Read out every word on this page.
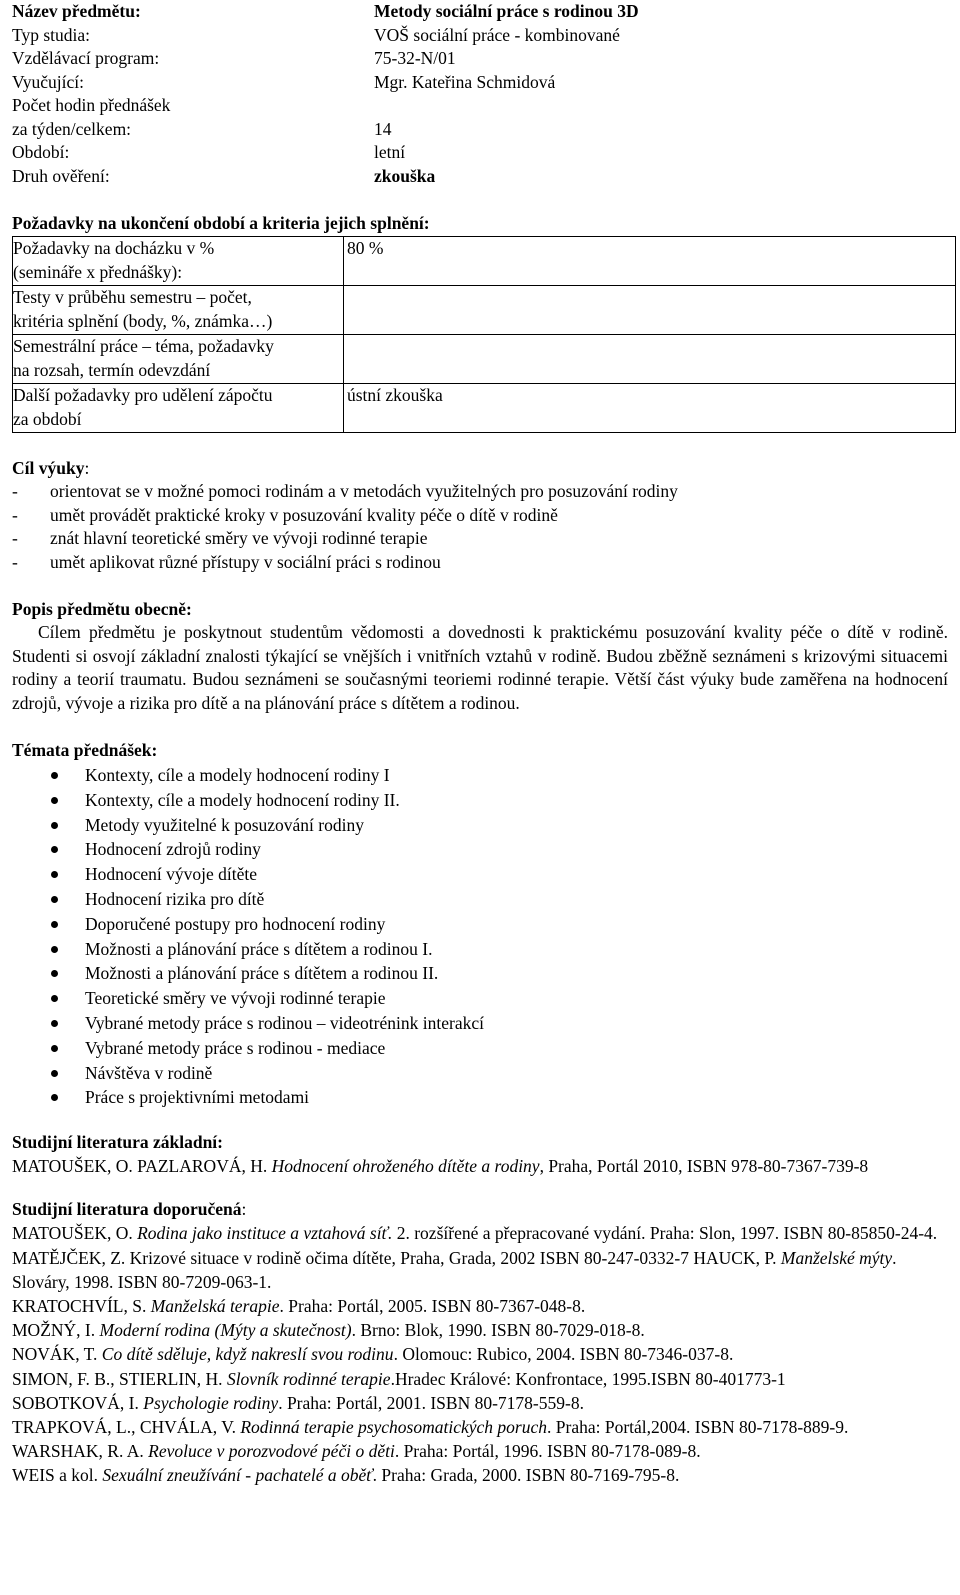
Název předmětu:	Metody sociální práce s rodinou 3D
Typ studia:	VOŠ sociální práce - kombinované
Vzdělávací program:	75-32-N/01
Vyučující:	Mgr. Kateřina Schmidová
Počet hodin přednášek
za týden/celkem:	14
Období:	letní
Druh ověření:	zkouška
Požadavky na ukončení období a kriteria jejich splnění:
Požadavky na docházku v %
(semináře x přednášky):	80 %

Testy v průběhu semestru – počet,
kritéria splnění (body, %, známka…)	

Semestrální práce – téma, požadavky
na rozsah, termín odevzdání	

Další požadavky pro udělení zápočtu
za období	ústní zkouška
Cíl výuky:
-	orientovat se v možné pomoci rodinám a v metodách využitelných pro posuzování rodiny
-	umět provádět praktické kroky v posuzování kvality péče o dítě v rodině
-	znát hlavní teoretické směry ve vývoji rodinné terapie
-	umět aplikovat různé přístupy v sociální práci s rodinou
Popis předmětu obecně:

Cílem předmětu je poskytnout studentům vědomosti a dovednosti k praktickému posuzování kvality péče o dítě v rodině. Studenti si osvojí základní znalosti týkající se vnějších i vnitřních vztahů v rodině. Budou zběžně seznámeni s krizovými situacemi rodiny a teorií traumatu. Budou seznámeni se současnými teoriemi rodinné terapie. Větší část výuky bude zaměřena na hodnocení zdrojů, vývoje a rizika pro dítě a na plánování práce s dítětem a rodinou.

Témata přednášek:
Kontexty, cíle a modely hodnocení rodiny I
Kontexty, cíle a modely hodnocení rodiny II.
Metody využitelné k posuzování rodiny
Hodnocení zdrojů rodiny
Hodnocení vývoje dítěte
Hodnocení rizika pro dítě
Doporučené postupy pro hodnocení rodiny
Možnosti a plánování práce s dítětem a rodinou I.
Možnosti a plánování práce s dítětem a rodinou II.
Teoretické směry ve vývoji rodinné terapie
Vybrané metody práce s rodinou – videotrénink interakcí
Vybrané metody práce s rodinou - mediace
Návštěva v rodině
Práce s projektivními metodami
Studijní literatura základní:

MATOUŠEK, O. PAZLAROVÁ, H. Hodnocení ohroženého dítěte a rodiny, Praha, Portál 2010, ISBN 978-80-7367-739-8

Studijní literatura doporučená:

MATOUŠEK, O. Rodina jako instituce a vztahová síť. 2. rozšířené a přepracované vydání. Praha: Slon, 1997. ISBN 80-85850-24-4.

MATĚJČEK, Z. Krizové situace v rodině očima dítěte, Praha, Grada, 2002 ISBN 80-247-0332-7 HAUCK, P. Manželské mýty. Slováry, 1998. ISBN 80-7209-063-1.

KRATOCHVÍL, S. Manželská terapie. Praha: Portál, 2005. ISBN 80-7367-048-8.

MOŽNÝ, I. Moderní rodina (Mýty a skutečnost). Brno: Blok, 1990. ISBN 80-7029-018-8.

NOVÁK, T. Co dítě sděluje, když nakreslí svou rodinu. Olomouc: Rubico, 2004. ISBN 80-7346-037-8.

SIMON, F. B., STIERLIN, H. Slovník rodinné terapie.Hradec Králové: Konfrontace, 1995.ISBN 80-401773-1

SOBOTKOVÁ, I. Psychologie rodiny. Praha: Portál, 2001. ISBN 80-7178-559-8.

TRAPKOVÁ, L., CHVÁLA, V. Rodinná terapie psychosomatických poruch. Praha: Portál,2004. ISBN 80-7178-889-9.

WARSHAK, R. A. Revoluce v porozvodové péči o děti. Praha: Portál, 1996. ISBN 80-7178-089-8.

WEIS a kol. Sexuální zneužívání - pachatelé a oběť. Praha: Grada, 2000. ISBN 80-7169-795-8.
